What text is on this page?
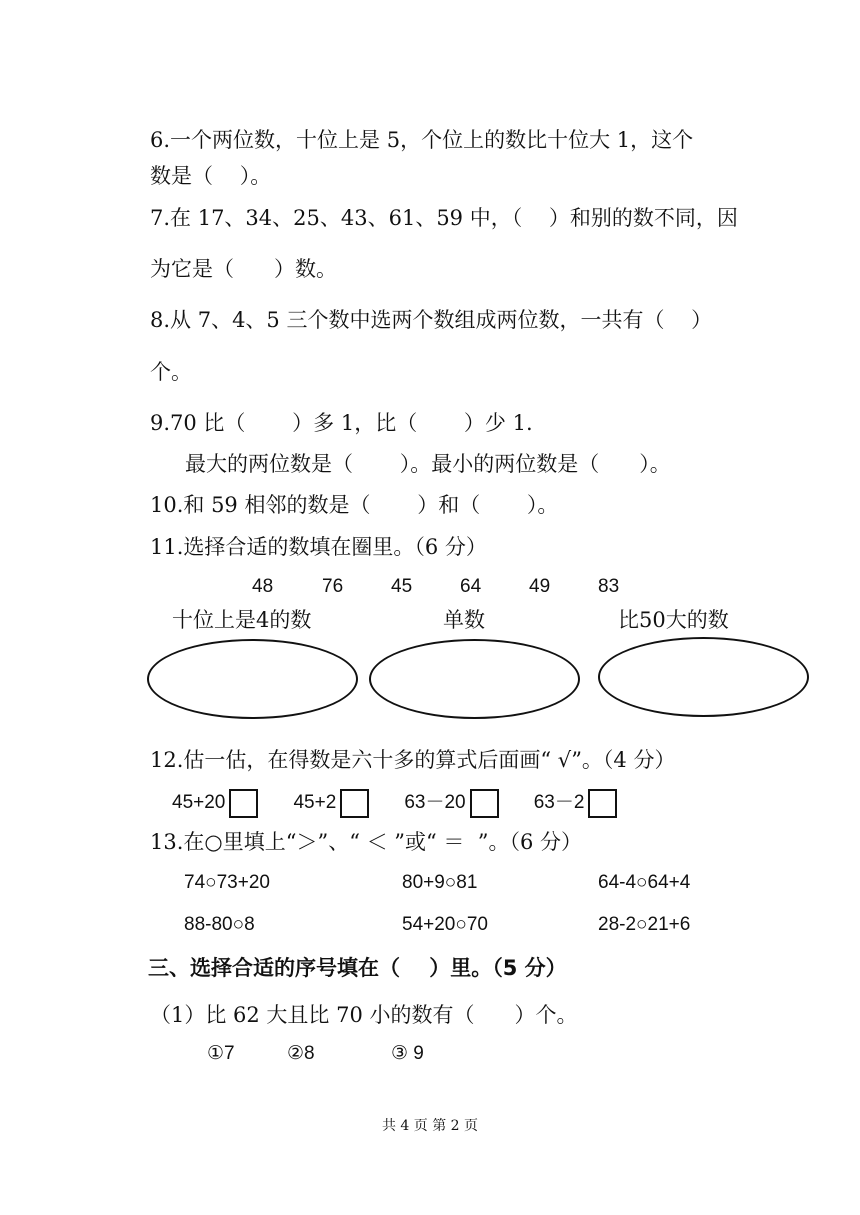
6.一个两位数，十位上是 5，个位上的数比十位大 1，这个
数是（    ）。
7.在 17、34、25、43、61、59 中，（    ）和别的数不同，因
为它是（      ）数。
8.从 7、4、5 三个数中选两个数组成两位数，一共有（    ）
个。
9.70 比（       ）多 1，比（       ）少 1.
最大的两位数是（       ）。最小的两位数是（      ）。
10.和 59 相邻的数是（       ）和（       ）。
11.选择合适的数填在圈里。（6 分）
48	76	45	64	49	83
十位上是4的数	单数	比50大的数
12.估一估，在得数是六十多的算式后面画“ √”。（4 分）
45+20	45+2	63－20	63－2
13.在○里填上“＞”、“ ＜ ”或“ ＝  ”。（6 分）
74○73+20	80+9○81	64-4○64+4
88-80○8	54+20○70	28-2○21+6
三、选择合适的序号填在（    ）里。（5 分）
（1）比 62 大且比 70 小的数有（      ）个。
①7	②8	③ 9
共 4 页 第 2 页
